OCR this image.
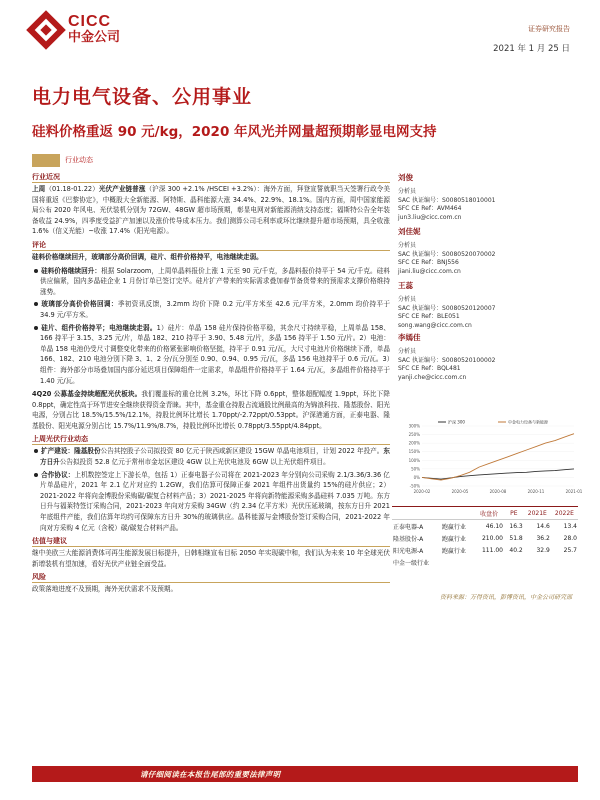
CICC
中金公司
证券研究报告
2021 年 1 月 25 日
电力电气设备、公用事业
硅料价格重返 90 元/kg，2020 年风光并网量超预期彰显电网支持
行业动态
行业近况
上周（01.18-01.22）光伏产业链普涨（沪深 300 +2.1% /HSCEI +3.2%）：海外方面，拜登宣誓就职当天签署行政令美国将重返《巴黎协定》，中概股大全新能源、阿特斯、晶科能源大涨 34.4%、22.9%、18.1%。国内方面，周中国家能源局公布 2020 年风电、光伏装机分别为 72GW、48GW 超市场预期，彰显电网对新能源消纳支持态度；福斯特公告全年装备收益 24.9%，四季度受益扩产加速以及涨价传导成本压力。我们测算公司毛利率或环比继续提升超市场预期，具全收涨 1.6%（信义光能）~收涨 17.4%（阳光电源）。
评论
硅料价格继续回升，玻璃部分高价回调，硅片、组件价格持平，电池继续走弱。
硅料价格继续回升：根据 Solarzoom，上周单晶料报价上涨 1 元至 90 元/千克，多晶料报价持平于 54 元/千克。硅料供应偏紧，国内多晶硅企业 1 月份订单已签订完毕。硅片扩产带来的实际需求叠加春节备货带来的预需求支撑价格维持涨势。
玻璃部分高价价格回调：季初资讯反馈，3.2mm 均价下降 0.2 元/平方米至 42.6 元/平方米，2.0mm 均价持平于 34.9 元/平方米。
硅片、组件价格持平；电池继续走弱。1）硅片：单晶 158 硅片保持价格平稳，其余尺寸持续平稳，上周单晶 158、166 持平于 3.15、3.25 元/片，单晶 182、210 持平于 3.90、5.48 元/片，多晶 156 持平于 1.50 元/片。2）电池：单晶 158 电池仍受尺寸调整变化带来的价格紧张影响价格坚挺，持平于 0.91 元/瓦，大尺寸电池片价格继续下滑，单晶 166、182、210 电池分别下降 3、1、2 分/瓦分别至 0.90、0.94、0.95 元/瓦，多晶 156 电池持平于 0.6 元/瓦。3）组件：海外部分市场叠加国内部分延迟项目保障组件一定需求，单晶组件价格持平于 1.64 元/瓦，多晶组件价格持平于 1.40 元/瓦。
4Q20 公募基金持续超配光伏板块。我们覆盖标的重仓比例 3.2%，环比下降 0.6ppt，整体超配幅度 1.9ppt，环比下降 0.8ppt，确定性高于环节进安全继续获得资金青睐。其中，基金重仓持股占流通股比例最高的为锦浪科技、隆基股份、阳光电源，分别占比 18.5%/15.5%/12.1%，持股比例环比增长 1.70ppt/-2.72ppt/0.53ppt。沪深港通方面，正泰电器、隆基股份、阳光电源分别占比 15.7%/11.9%/8.7%，持股比例环比增长 0.78ppt/3.55ppt/4.84ppt。
上周光伏行业动态
扩产建设：隆基股份公告其控股子公司拟投资 80 亿元于陕西咸新区建设 15GW 单晶电池项目，计划 2022 年投产。东方日升公告拟投资 52.8 亿元于常州市金坛区建设 4GW 以上光伏电池及 6GW 以上光伏组件项目。
合作协议：上机数控签定上下游长单，包括 1）正泰电器子公司将在 2021-2023 年分别向公司采购 2.1/3.36/3.36 亿片单晶硅片，2021 年 2.1 亿片对应约 1.2GW，我们估算可保障正泰 2021 年组件出货量约 15%的硅片供应；2）2021-2022 年将向金博股份采购碳/碳复合材料产品；3）2021-2025 年将向新特能源采购多晶硅料 7.035 万吨。东方日升与福莱特签订采购合同，2021-2023 年向对方采购 34GW（约 2.34 亿平方米）光伏压延玻璃，按东方日升 2021 年底组件产能，我们估算年均约可保障东方日升 30%的玻璃供应。晶科能源与金博股份签订采购合同，2021-2022 年向对方采购 4 亿元（含税）碳/碳复合材料产品。
估值与建议
继中美欧三大能源消费体可再生能源发展目标提升，日韩相继宣布目标 2050 年实现碳中和，我们认为未来 10 年全球光伏新增装机有望加速，看好光伏产业链全面受益。
风险
政策落地进度不及预期，海外光伏需求不及预期。
刘俊
分析员
SAC 执证编号：S0080518010001
SFC CE Ref：AVM464
jun3.liu@cicc.com.cn
刘佳妮
分析员
SAC 执证编号：S0080520070002
SFC CE Ref：BNJ556
jiani.liu@cicc.com.cn
王蕊
分析员
SAC 执证编号：S0080520120007
SFC CE Ref：BLE051
song.wang@cicc.com.cn
李嫣佳
分析员
SAC 执证编号：S0080520100002
SFC CE Ref：BQL481
yanji.che@cicc.com.cn
300%
250%
200%
150%
100%
50%
0%
-50%
2020-02	2020-05	2020-08	2020-11	2021-01
沪深 300	中金电力设备与新能源
		收盘价	PE	2021E	2022E
正泰电器-A	跑赢行业	46.10	16.3	14.6	13.4
隆基股份-A	跑赢行业	210.00	51.8	36.2	28.0
阳光电源-A	跑赢行业	111.00	40.2	32.9	25.7
中金一级行业					
资料来源：万得资讯，彭博资讯，中金公司研究部
请仔细阅读在本报告尾部的重要法律声明
